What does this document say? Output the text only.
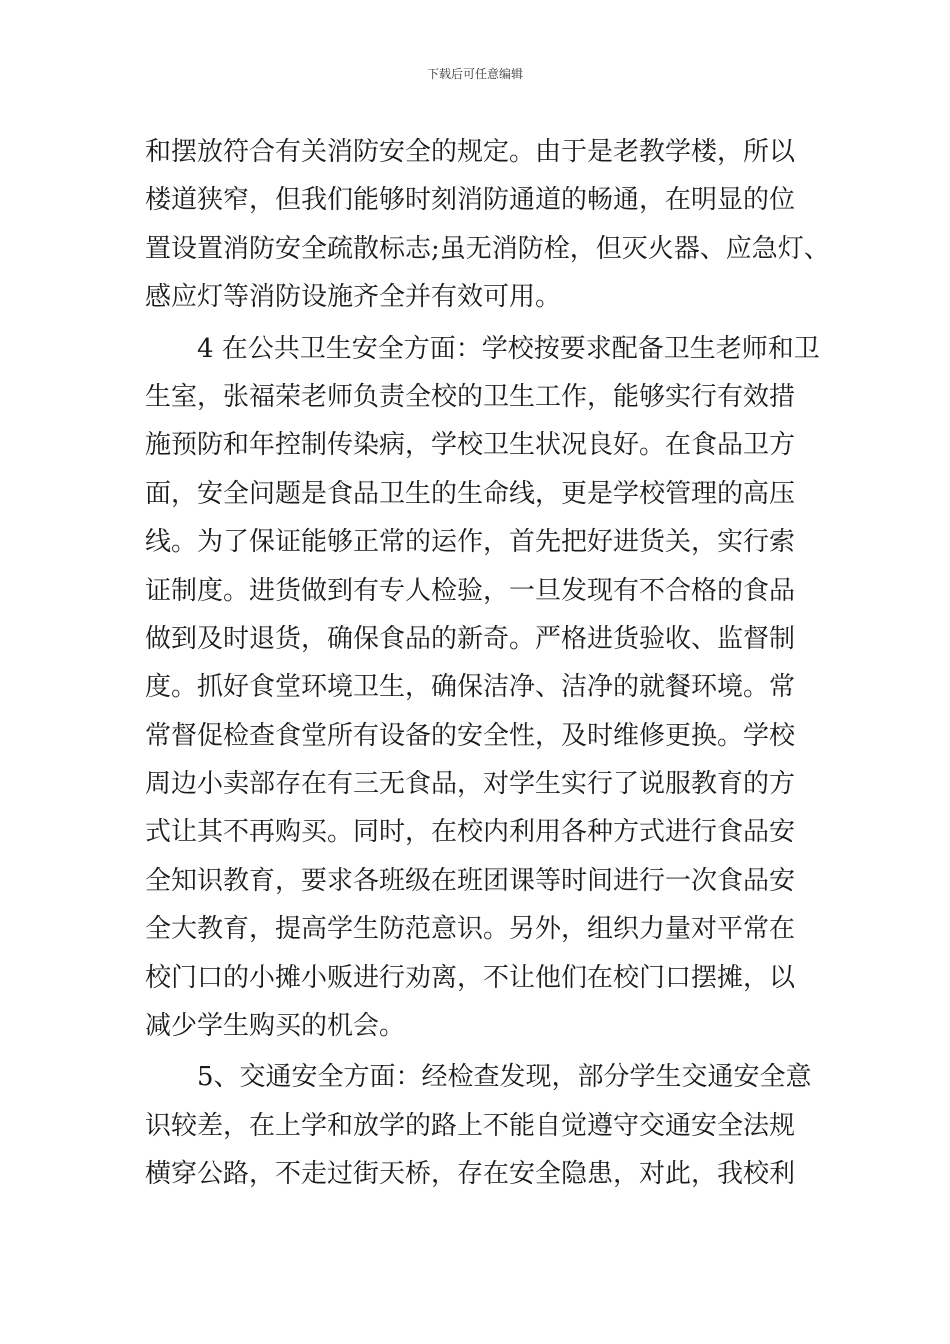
下载后可任意编辑
和摆放符合有关消防安全的规定。由于是老教学楼，所以
楼道狭窄，但我们能够时刻消防通道的畅通，在明显的位
置设置消防安全疏散标志;虽无消防栓，但灭火器、应急灯、
感应灯等消防设施齐全并有效可用。
　　4 在公共卫生安全方面：学校按要求配备卫生老师和卫
生室，张福荣老师负责全校的卫生工作，能够实行有效措
施预防和年控制传染病，学校卫生状况良好。在食品卫方
面，安全问题是食品卫生的生命线，更是学校管理的高压
线。为了保证能够正常的运作，首先把好进货关，实行索
证制度。进货做到有专人检验，一旦发现有不合格的食品
做到及时退货，确保食品的新奇。严格进货验收、监督制
度。抓好食堂环境卫生，确保洁净、洁净的就餐环境。常
常督促检查食堂所有设备的安全性，及时维修更换。学校
周边小卖部存在有三无食品，对学生实行了说服教育的方
式让其不再购买。同时，在校内利用各种方式进行食品安
全知识教育，要求各班级在班团课等时间进行一次食品安
全大教育，提高学生防范意识。另外，组织力量对平常在
校门口的小摊小贩进行劝离，不让他们在校门口摆摊，以
减少学生购买的机会。
　　5、交通安全方面：经检查发现，部分学生交通安全意
识较差，在上学和放学的路上不能自觉遵守交通安全法规
横穿公路，不走过街天桥，存在安全隐患，对此，我校利
